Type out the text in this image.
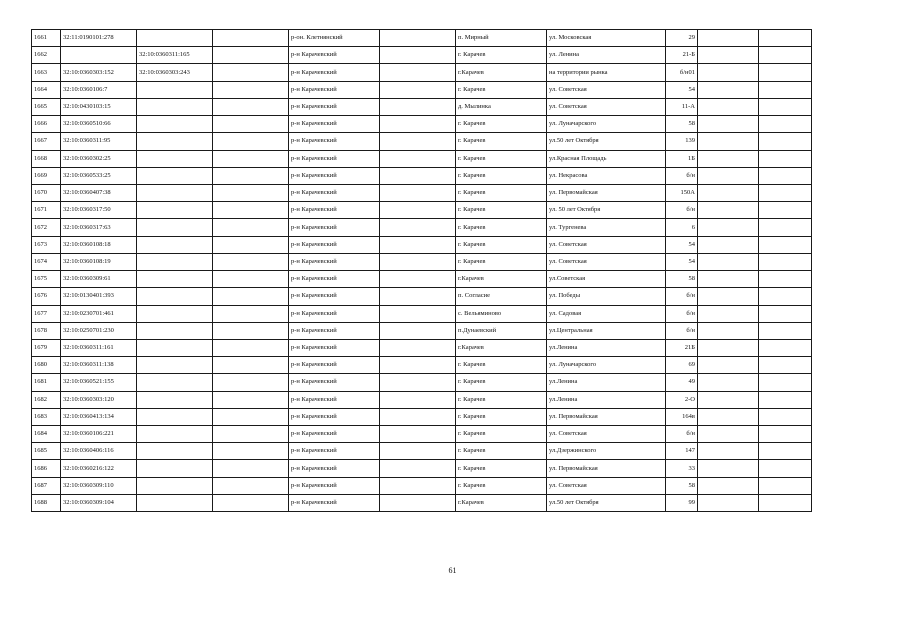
1661	32:11:0190101:278			р-он. Клетнянский		п. Мирный	ул. Московская	29		
1662		32:10:0360311:165		р-н Карачевский		г. Карачев	ул. Ленина	21-Б		
1663	32:10:0360303:152	32:10:0360303:243		р-н Карачевский		г.Карачев	на территории рынка	б/н01		
1664	32:10:0360106:7			р-н Карачевский		г. Карачев	ул. Советская	54		
1665	32:10:0430103:15			р-н Карачевский		д. Мылинка	ул. Советская	11-А		
1666	32:10:0360510:66			р-н Карачевский		г. Карачев	ул. Луначарского	58		
1667	32:10:0360311:95			р-н Карачевский		г. Карачев	ул.50 лет Октября	139		
1668	32:10:0360302:25			р-н Карачевский		г. Карачев	ул.Красная Площадь	1Б		
1669	32:10:0360533:25			р-н Карачевский		г. Карачев	ул. Некрасова	б/н		
1670	32:10:0360407:38			р-н Карачевский		г. Карачев	ул. Первомайская	150А		
1671	32:10:0360317:50			р-н Карачевский		г. Карачев	ул. 50 лет Октября	б/н		
1672	32:10:0360317:63			р-н Карачевский		г. Карачев	ул. Тургенева	6		
1673	32:10:0360108:18			р-н Карачевский		г. Карачев	ул. Советская	54		
1674	32:10:0360108:19			р-н Карачевский		г. Карачев	ул. Советская	54		
1675	32:10:0360309:61			р-н Карачевский		г.Карачев	ул.Советская	58		
1676	32:10:0130401:393			р-н Карачевский		п. Согласие	ул. Победы	б/н		
1677	32:10:0230701:461			р-н Карачевский		с. Вельяминово	ул. Садовая	б/н		
1678	32:10:0250701:230			р-н Карачевский		п.Дунаевский	ул.Центральная	б/н		
1679	32:10:0360311:161			р-н Карачевский		г.Карачев	ул.Ленина	21Б		
1680	32:10:0360311:138			р-н Карачевский		г. Карачев	ул. Луначарского	69		
1681	32:10:0360521:155			р-н Карачевский		г. Карачев	ул.Ленина	49		
1682	32:10:0360303:120			р-н Карачевский		г. Карачев	ул.Ленина	2-О		
1683	32:10:0360413:134			р-н Карачевский		г. Карачев	ул. Первомайская	164в		
1684	32:10:0360106:221			р-н Карачевский		г. Карачев	ул. Советская	б/н		
1685	32:10:0360406:116			р-н Карачевский		г. Карачев	ул.Дзержинского	147		
1686	32:10:0360216:122			р-н Карачевский		г. Карачев	ул. Первомайская	33		
1687	32:10:0360309:110			р-н Карачевский		г. Карачев	ул. Советская	58		
1688	32:10:0360309:104			р-н Карачевский		г.Карачев	ул.50 лет Октября	99		
61
